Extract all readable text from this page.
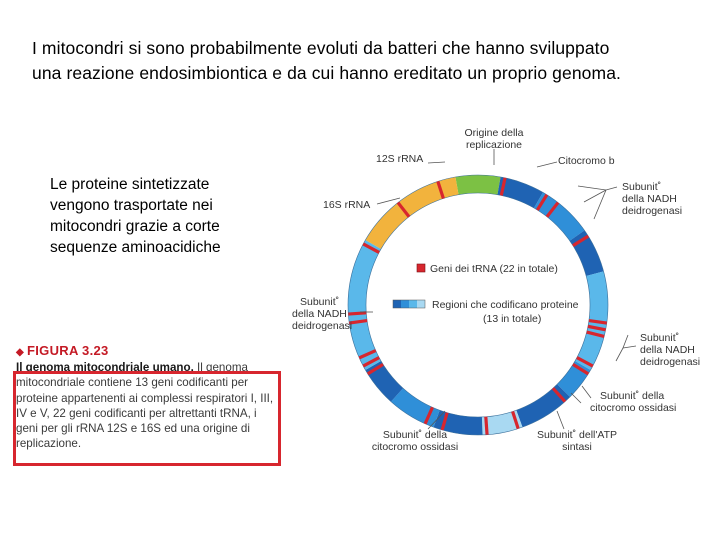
I mitocondri si sono probabilmente evoluti da batteri che hanno sviluppato
una reazione endosimbiontica e da cui hanno ereditato un proprio genoma.
Le proteine sintetizzate vengono trasportate nei mitocondri grazie a corte sequenze aminoacidiche
◆ FIGURA 3.23
Il genoma mitocondriale umano. Il genoma mitocondriale contiene 13 geni codificanti per proteine appartenenti ai complessi respiratori I, III, IV e V, 22 geni codificanti per altrettanti tRNA, i geni per gli rRNA 12S e 16S ed una origine di replicazione.
Geni dei tRNA (22 in totale)
Regioni che codificano proteine
(13 in totale)
Origine della
replicazione
12S rRNA
16S rRNA
Citocromo b
Subunit˚
della NADH
deidrogenasi
Subunit˚
della NADH
deidrogenasi
Subunit˚
della NADH
deidrogenasi
Subunit˚ della
citocromo ossidasi
Subunit˚ dell'ATP
sintasi
Subunit˚ della
citocromo ossidasi
